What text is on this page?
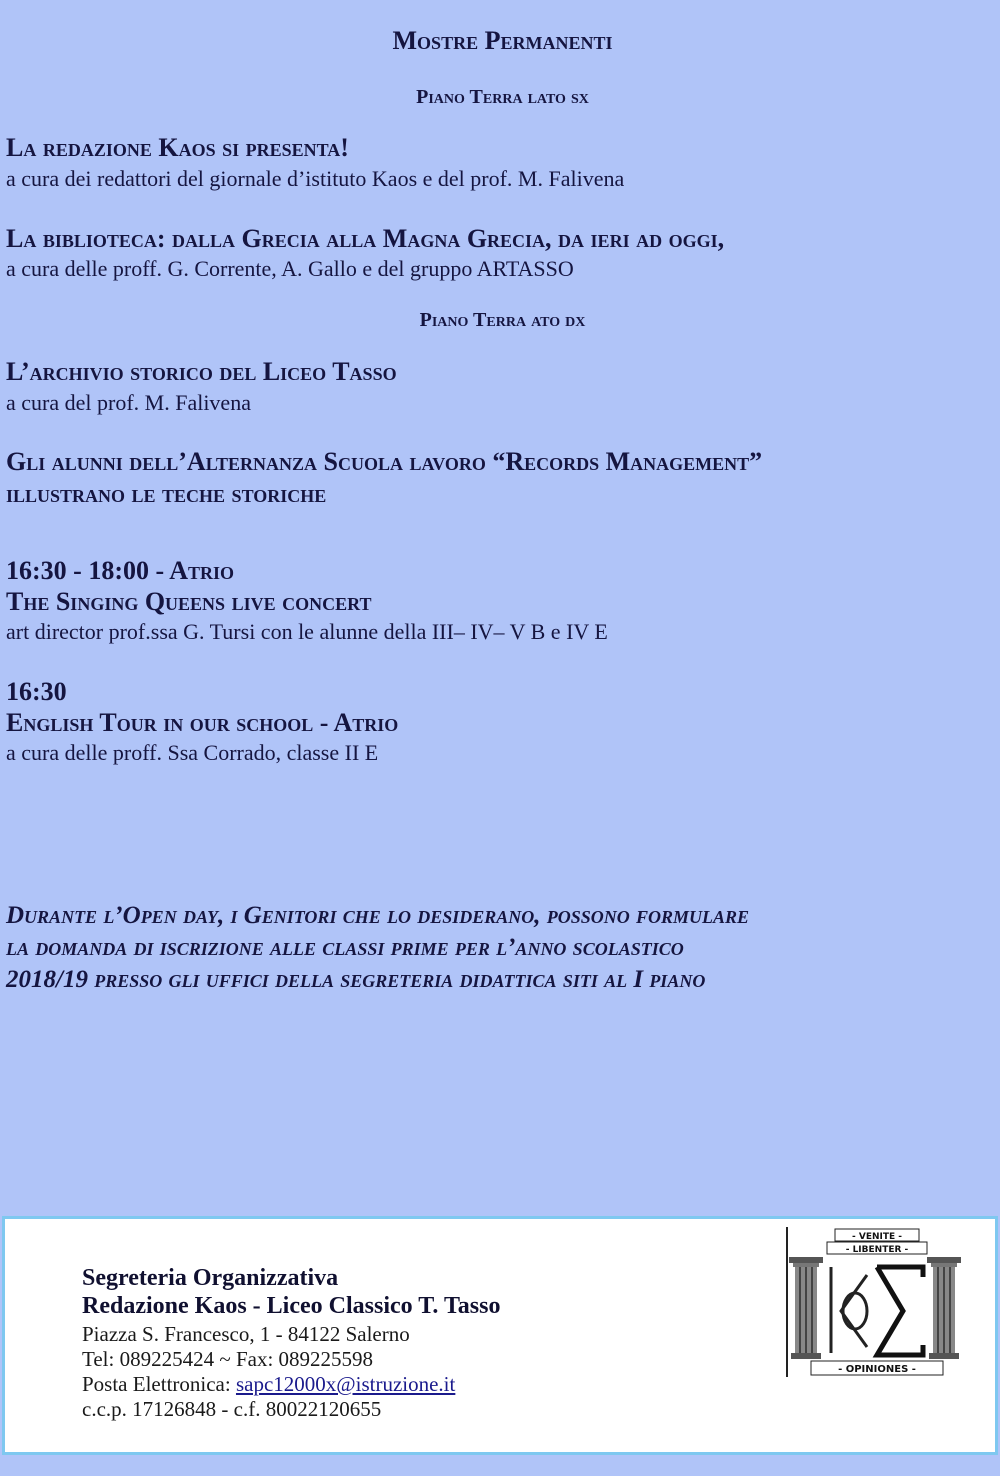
Mostre Permanenti
Piano Terra lato sx
La redazione Kaos si presenta!
a cura dei redattori del giornale d’istituto Kaos e del prof. M. Falivena
La biblioteca: dalla Grecia alla Magna Grecia, da ieri ad oggi,
a cura delle proff. G. Corrente, A. Gallo e del gruppo ARTASSO
Piano Terra ato dx
L’archivio storico del Liceo Tasso
a cura del prof. M. Falivena
Gli alunni dell’Alternanza Scuola lavoro “Records Management”
illustrano le teche storiche
16:30 - 18:00 - Atrio
The Singing Queens live concert
art director prof.ssa G. Tursi con le alunne della III– IV– V B e IV E
16:30
English Tour in our school - Atrio
a cura delle proff. Ssa Corrado, classe II E
Durante l’Open day, i Genitori che lo desiderano, possono formulare
la domanda di iscrizione alle classi prime per l’anno scolastico
2018/19 presso gli uffici della segreteria didattica siti al I piano
Segreteria Organizzativa
Redazione Kaos - Liceo Classico T. Tasso
Piazza S. Francesco, 1 - 84122 Salerno
Tel: 089225424 ~ Fax: 089225598
Posta Elettronica: sapc12000x@istruzione.it
c.c.p. 17126848 - c.f. 80022120655
- VENITE -
- LIBENTER -
- OPINIONES -
